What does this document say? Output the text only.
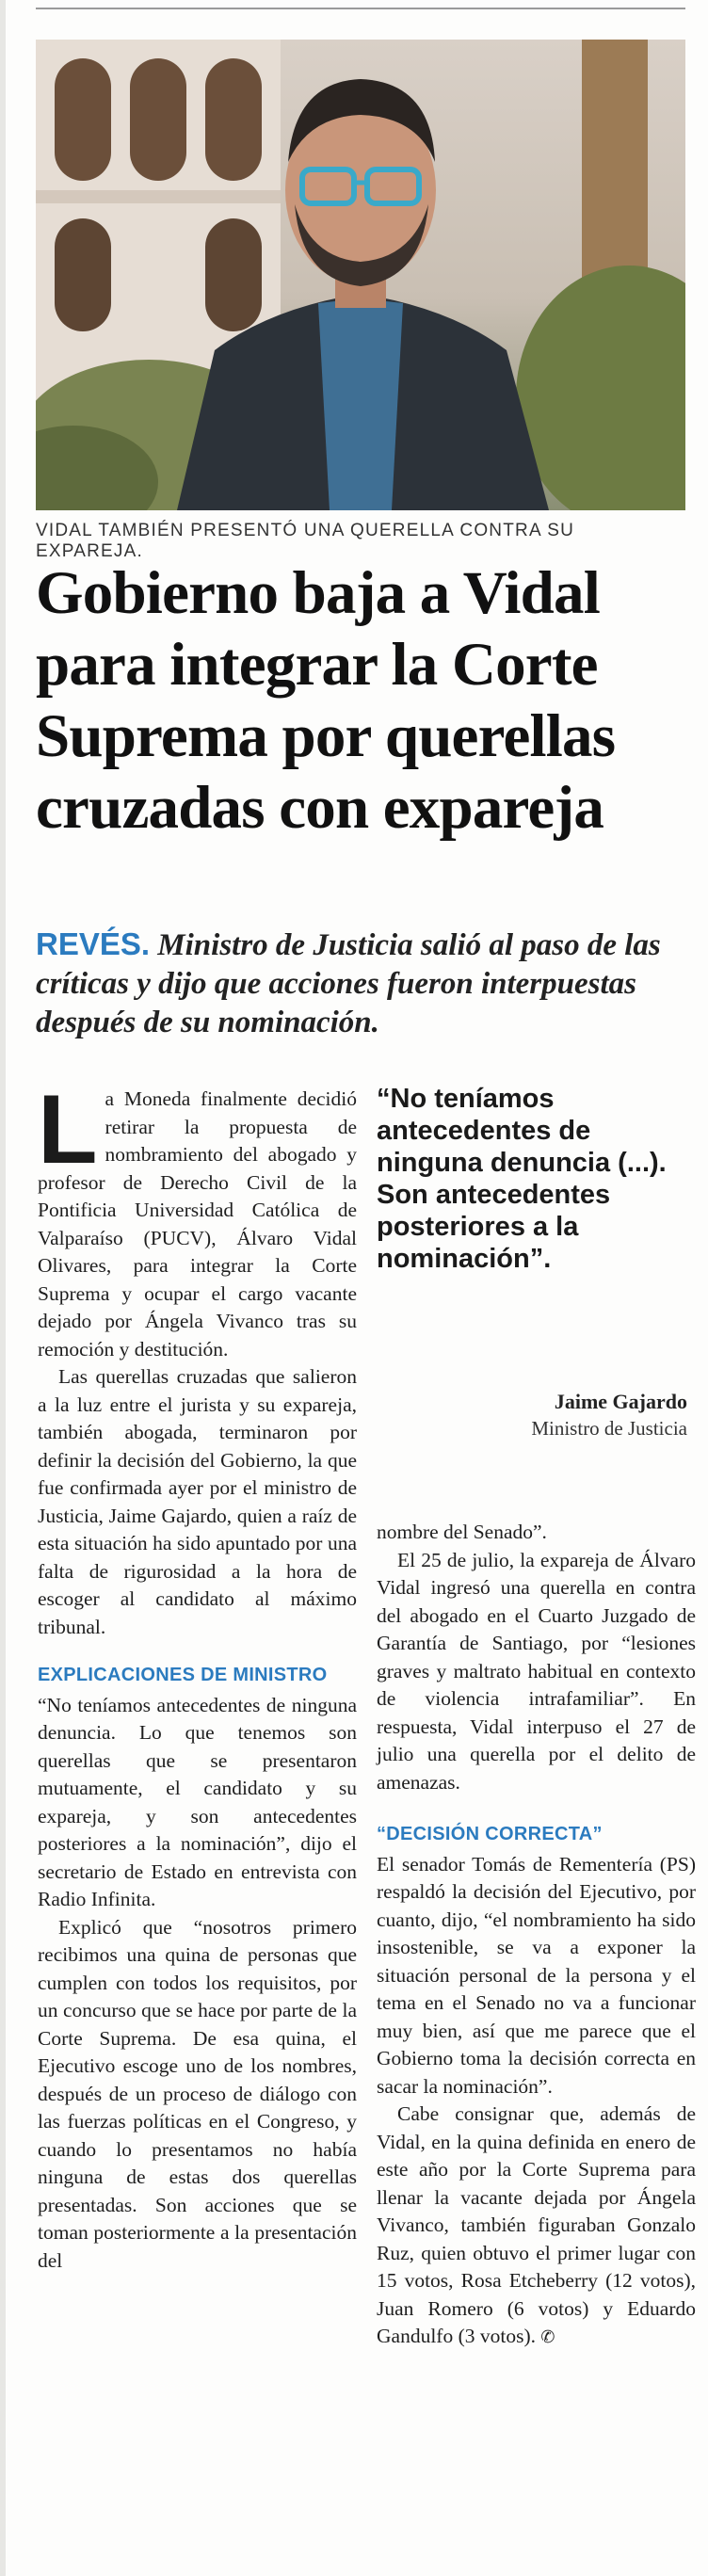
VIDAL TAMBIÉN PRESENTÓ UNA QUERELLA CONTRA SU EXPAREJA.
Gobierno baja a Vidal
para integrar la Corte
Suprema por querellas
cruzadas con expareja
REVÉS. Ministro de Justicia salió al paso de las críticas y dijo que acciones fueron interpuestas después de su nominación.

La Moneda finalmente decidió retirar la propuesta de nombramiento del abogado y profesor de Derecho Civil de la Pontificia Universidad Católica de Valparaíso (PUCV), Álvaro Vidal Olivares, para integrar la Corte Suprema y ocupar el cargo vacante dejado por Ángela Vivanco tras su remoción y destitución.

Las querellas cruzadas que salieron a la luz entre el jurista y su expareja, también abogada, terminaron por definir la decisión del Gobierno, la que fue confirmada ayer por el ministro de Justicia, Jaime Gajardo, quien a raíz de esta situación ha sido apuntado por una falta de rigurosidad a la hora de escoger al candidato al máximo tribunal.

EXPLICACIONES DE MINISTRO

“No teníamos antecedentes de ninguna denuncia. Lo que tenemos son querellas que se presentaron mutuamente, el candidato y su expareja, y son antecedentes posteriores a la nominación”, dijo el secretario de Estado en entrevista con Radio Infinita.

Explicó que “nosotros primero recibimos una quina de personas que cumplen con todos los requisitos, por un concurso que se hace por parte de la Corte Suprema. De esa quina, el Ejecutivo escoge uno de los nombres, después de un proceso de diálogo con las fuerzas políticas en el Congreso, y cuando lo presentamos no había ninguna de estas dos querellas presentadas. Son acciones que se toman posteriormente a la presentación del

“No teníamos antecedentes de ninguna denuncia (...). Son antecedentes posteriores a la nominación”.
Jaime Gajardo
Ministro de Justicia

nombre del Senado”.

El 25 de julio, la expareja de Álvaro Vidal ingresó una querella en contra del abogado en el Cuarto Juzgado de Garantía de Santiago, por “lesiones graves y maltrato habitual en contexto de violencia intrafamiliar”. En respuesta, Vidal interpuso el 27 de julio una querella por el delito de amenazas.

“DECISIÓN CORRECTA”

El senador Tomás de Rementería (PS) respaldó la decisión del Ejecutivo, por cuanto, dijo, “el nombramiento ha sido insostenible, se va a exponer la situación personal de la persona y el tema en el Senado no va a funcionar muy bien, así que me parece que el Gobierno toma la decisión correcta en sacar la nominación”.

Cabe consignar que, además de Vidal, en la quina definida en enero de este año por la Corte Suprema para llenar la vacante dejada por Ángela Vivanco, también figuraban Gonzalo Ruz, quien obtuvo el primer lugar con 15 votos, Rosa Etcheberry (12 votos), Juan Romero (6 votos) y Eduardo Gandulfo (3 votos). ✆
